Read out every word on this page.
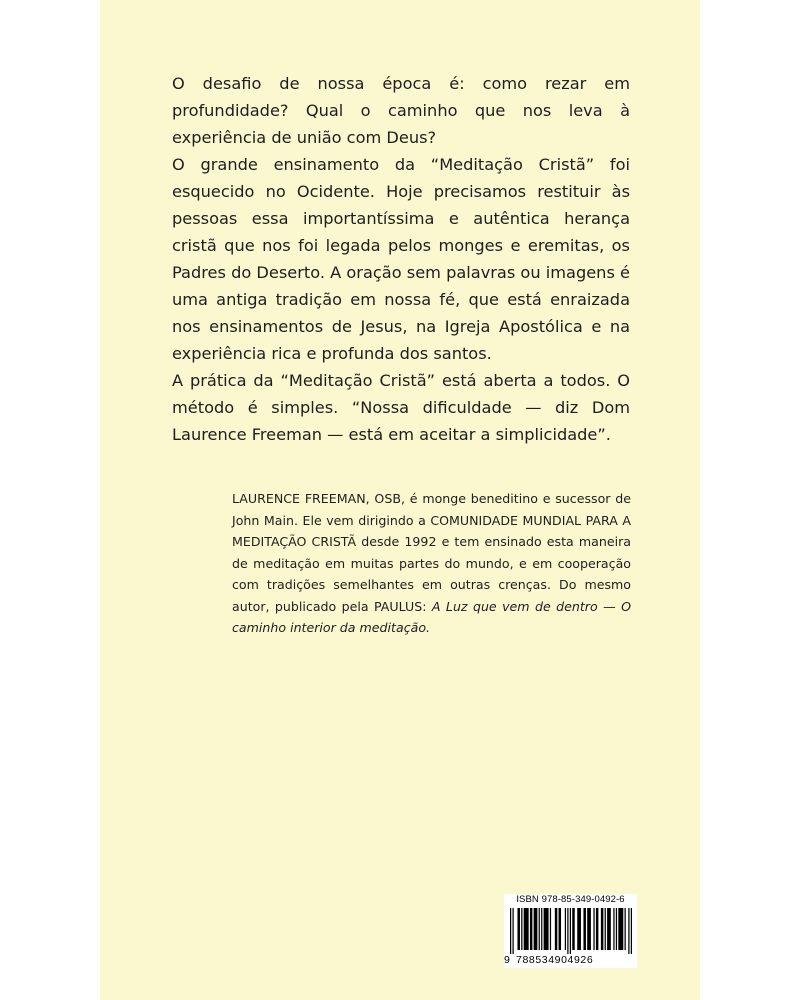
O desafio de nossa época é: como rezar em profundidade? Qual o caminho que nos leva à experiência de união com Deus?

O grande ensinamento da “Meditação Cristã” foi esquecido no Ocidente. Hoje precisamos restituir às pessoas essa importantíssima e autêntica herança cristã que nos foi legada pelos monges e eremitas, os Padres do Deserto. A oração sem palavras ou imagens é uma antiga tradição em nossa fé, que está enraizada nos ensinamentos de Jesus, na Igreja Apostólica e na experiência rica e profunda dos santos.

A prática da “Meditação Cristã” está aberta a todos. O método é simples. “Nossa dificuldade — diz Dom Laurence Freeman — está em aceitar a simplicidade”.

LAURENCE FREEMAN, OSB, é monge beneditino e sucessor de John Main. Ele vem dirigindo a COMUNIDADE MUNDIAL PARA A MEDITAÇÃO CRISTÃ desde 1992 e tem ensinado esta maneira de meditação em muitas partes do mundo, e em cooperação com tradições semelhantes em outras crenças. Do mesmo autor, publicado pela PAULUS: A Luz que vem de dentro — O caminho interior da meditação.

ISBN 978-85-349-0492-6
9 788534904926
